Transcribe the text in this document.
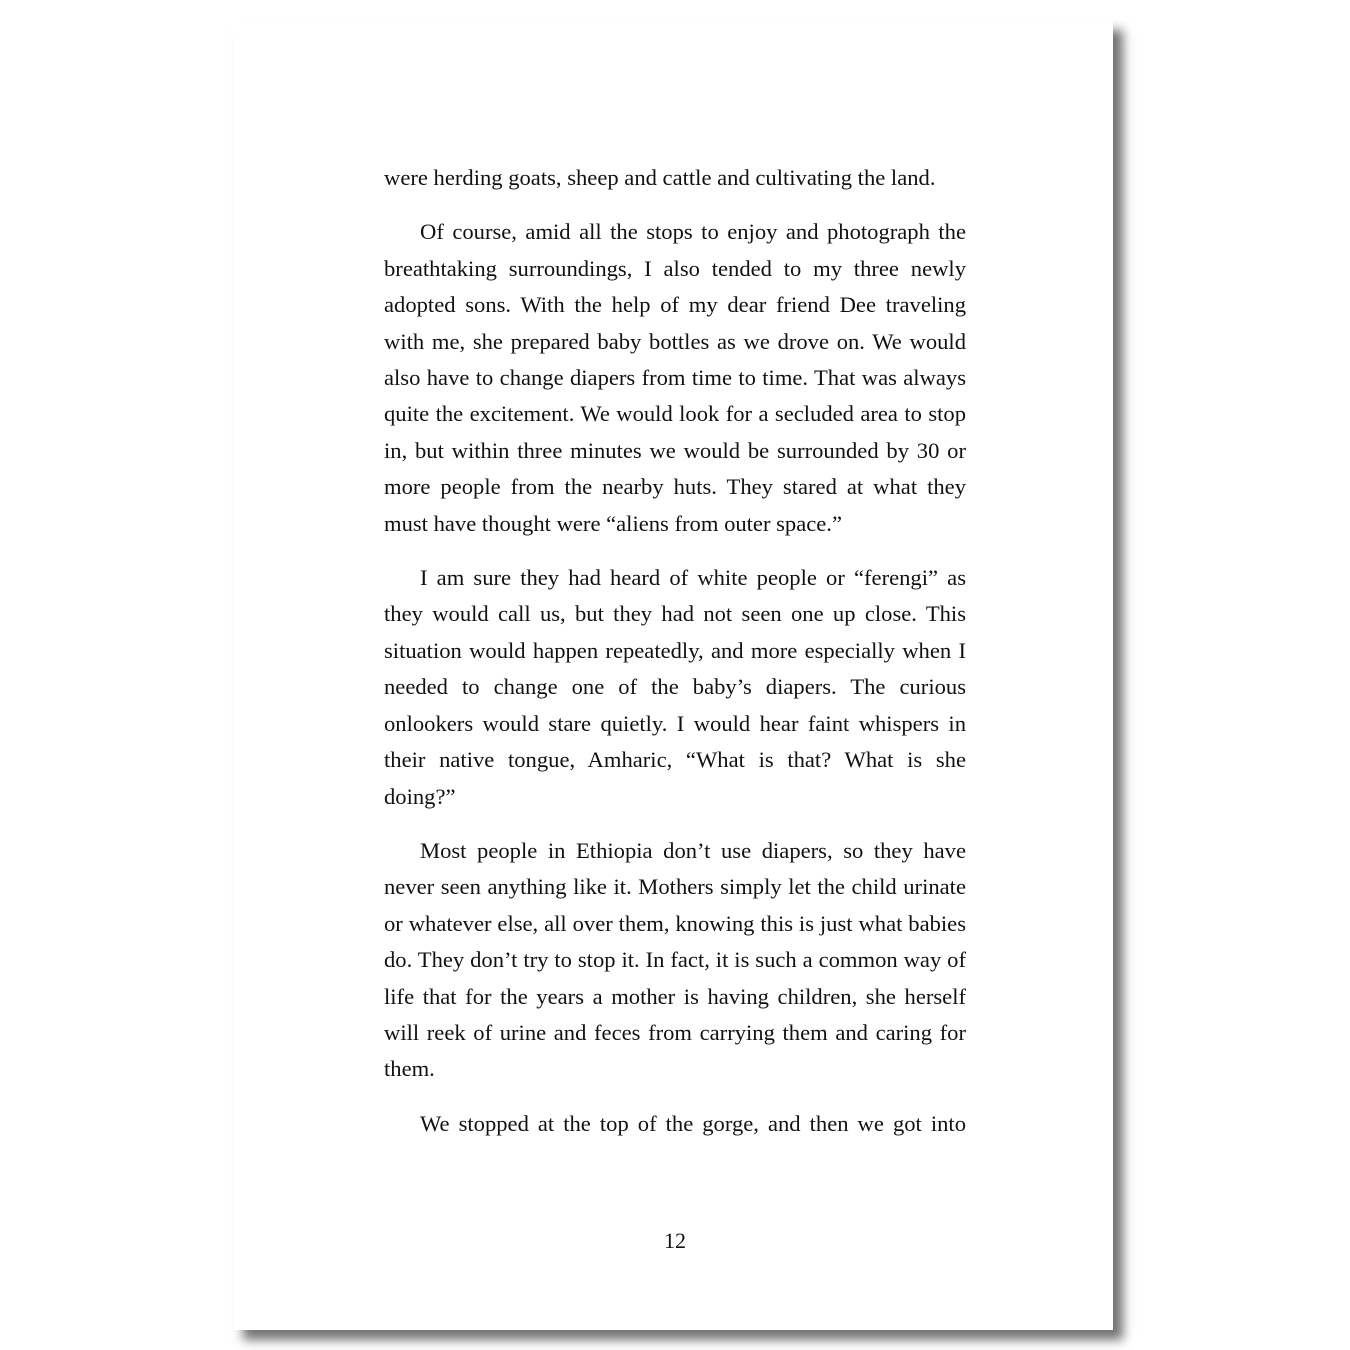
were herding goats, sheep and cattle and cultivating the land.

Of course, amid all the stops to enjoy and photograph the breathtaking surroundings, I also tended to my three newly adopted sons. With the help of my dear friend Dee traveling with me, she prepared baby bottles as we drove on. We would also have to change diapers from time to time. That was always quite the excitement. We would look for a secluded area to stop in, but within three minutes we would be surrounded by 30 or more people from the nearby huts. They stared at what they must have thought were “aliens from outer space.”

I am sure they had heard of white people or “ferengi” as they would call us, but they had not seen one up close. This situation would happen repeatedly, and more especially when I needed to change one of the baby’s diapers. The curious onlookers would stare quietly. I would hear faint whispers in their native tongue, Amharic, “What is that? What is she doing?”

Most people in Ethiopia don’t use diapers, so they have never seen anything like it. Mothers simply let the child urinate or whatever else, all over them, knowing this is just what babies do. They don’t try to stop it. In fact, it is such a common way of life that for the years a mother is having children, she herself will reek of urine and feces from carrying them and caring for them.

We stopped at the top of the gorge, and then we got into

12
